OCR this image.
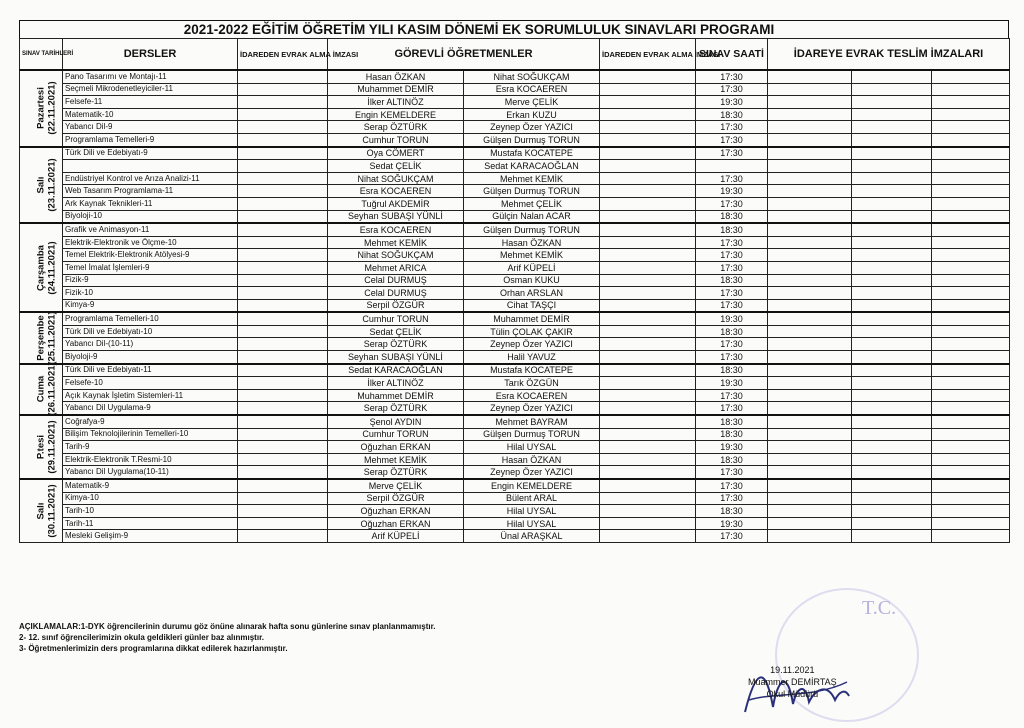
2021-2022 EĞİTİM ÖĞRETİM YILI KASIM DÖNEMİ EK SORUMLULUK SINAVLARI PROGRAMI
SINAV TARİHLERİ	DERSLER	İDAREDEN EVRAK ALMA İMZASI	GÖREVLİ ÖĞRETMENLER		İDAREDEN EVRAK ALMA İMZASI	SINAV SAATİ	İDAREYE EVRAK TESLİM İMZALARI		

Pazartesi (22.11.2021)	Pano Tasarımı ve Montajı-11		Hasan ÖZKAN	Nihat SOĞUKÇAM		17:30			
	Seçmeli Mikrodenetleyiciler-11		Muhammet DEMİR	Esra KOCAEREN		17:30			
	Felsefe-11		İlker ALTINÖZ	Merve ÇELİK		19:30			
	Matematik-10		Engin KEMELDERE	Erkan KUZU		18:30			
	Yabancı Dil-9		Serap ÖZTÜRK	Zeynep Özer YAZICI		17:30			
	Programlama Temelleri-9		Cumhur TORUN	Gülşen Durmuş TORUN		17:30			

Salı (23.11.2021)	Türk Dili ve Edebiyatı-9		Oya CÖMERT	Mustafa KOCATEPE		17:30			
			Sedat ÇELİK	Sedat KARACAOĞLAN					
	Endüstriyel Kontrol ve Arıza Analizi-11		Nihat SOĞUKÇAM	Mehmet KEMİK		17:30			
	Web Tasarım Programlama-11		Esra KOCAEREN	Gülşen Durmuş TORUN		19:30			
	Ark Kaynak Teknikleri-11		Tuğrul AKDEMİR	Mehmet ÇELİK		17:30			
	Biyoloji-10		Seyhan SUBAŞI YÜNLİ	Gülçin Nalan ACAR		18:30			

Çarşamba (24.11.2021)	Grafik ve Animasyon-11		Esra KOCAEREN	Gülşen Durmuş TORUN		18:30			
	Elektrik-Elektronik ve Ölçme-10		Mehmet KEMİK	Hasan ÖZKAN		17:30			
	Temel Elektrik-Elektronik Atölyesi-9		Nihat SOĞUKÇAM	Mehmet KEMİK		17:30			
	Temel İmalat İşlemleri-9		Mehmet ARICA	Arif KÜPELİ		17:30			
	Fizik-9		Celal DURMUŞ	Osman KUKU		18:30			
	Fizik-10		Celal DURMUŞ	Orhan ARSLAN		17:30			
	Kimya-9		Serpil ÖZGÜR	Cihat TAŞÇI		17:30			

Perşembe (25.11.2021)	Programlama Temelleri-10		Cumhur TORUN	Muhammet DEMİR		19:30			
	Türk Dili ve Edebiyatı-10		Sedat ÇELİK	Tülin ÇOLAK ÇAKIR		18:30			
	Yabancı Dil-(10-11)		Serap ÖZTÜRK	Zeynep Özer YAZICI		17:30			
	Biyoloji-9		Seyhan SUBAŞI YÜNLİ	Halil YAVUZ		17:30			

Cuma (26.11.2021)	Türk Dili ve Edebiyatı-11		Sedat KARACAOĞLAN	Mustafa KOCATEPE		18:30			
	Felsefe-10		İlker ALTINÖZ	Tarık ÖZGÜN		19:30			
	Açık Kaynak İşletim Sistemleri-11		Muhammet DEMİR	Esra KOCAEREN		17:30			
	Yabancı Dil Uygulama-9		Serap ÖZTÜRK	Zeynep Özer YAZICI		17:30			

P.tesi (29.11.2021)	Coğrafya-9		Şenol AYDIN	Mehmet BAYRAM		18:30			
	Bilişim Teknolojilerinin Temelleri-10		Cumhur TORUN	Gülşen Durmuş TORUN		18:30			
	Tarih-9		Oğuzhan ERKAN	Hilal UYSAL		19:30			
	Elektrik-Elektronik T.Resmi-10		Mehmet KEMİK	Hasan ÖZKAN		18:30			
	Yabancı Dil Uygulama(10-11)		Serap ÖZTÜRK	Zeynep Özer YAZICI		17:30			

Salı (30.11.2021)	Matematik-9		Merve ÇELİK	Engin KEMELDERE		17:30			
	Kimya-10		Serpil ÖZGÜR	Bülent ARAL		17:30			
	Tarih-10		Oğuzhan ERKAN	Hilal UYSAL		18:30			
	Tarih-11		Oğuzhan ERKAN	Hilal UYSAL		19:30			
	Mesleki Gelişim-9		Arif KÜPELİ	Ünal ARAŞKAL		17:30			
AÇIKLAMALAR:1-DYK öğrencilerinin durumu göz önüne alınarak hafta sonu günlerine sınav planlanmamıştır.
2- 12. sınıf öğrencilerimizin okula geldikleri günler baz alınmıştır.
3- Öğretmenlerimizin ders programlarına dikkat edilerek hazırlanmıştır.
T.C.
19.11.2021
Muammer DEMİRTAŞ
Okul Müdürü
